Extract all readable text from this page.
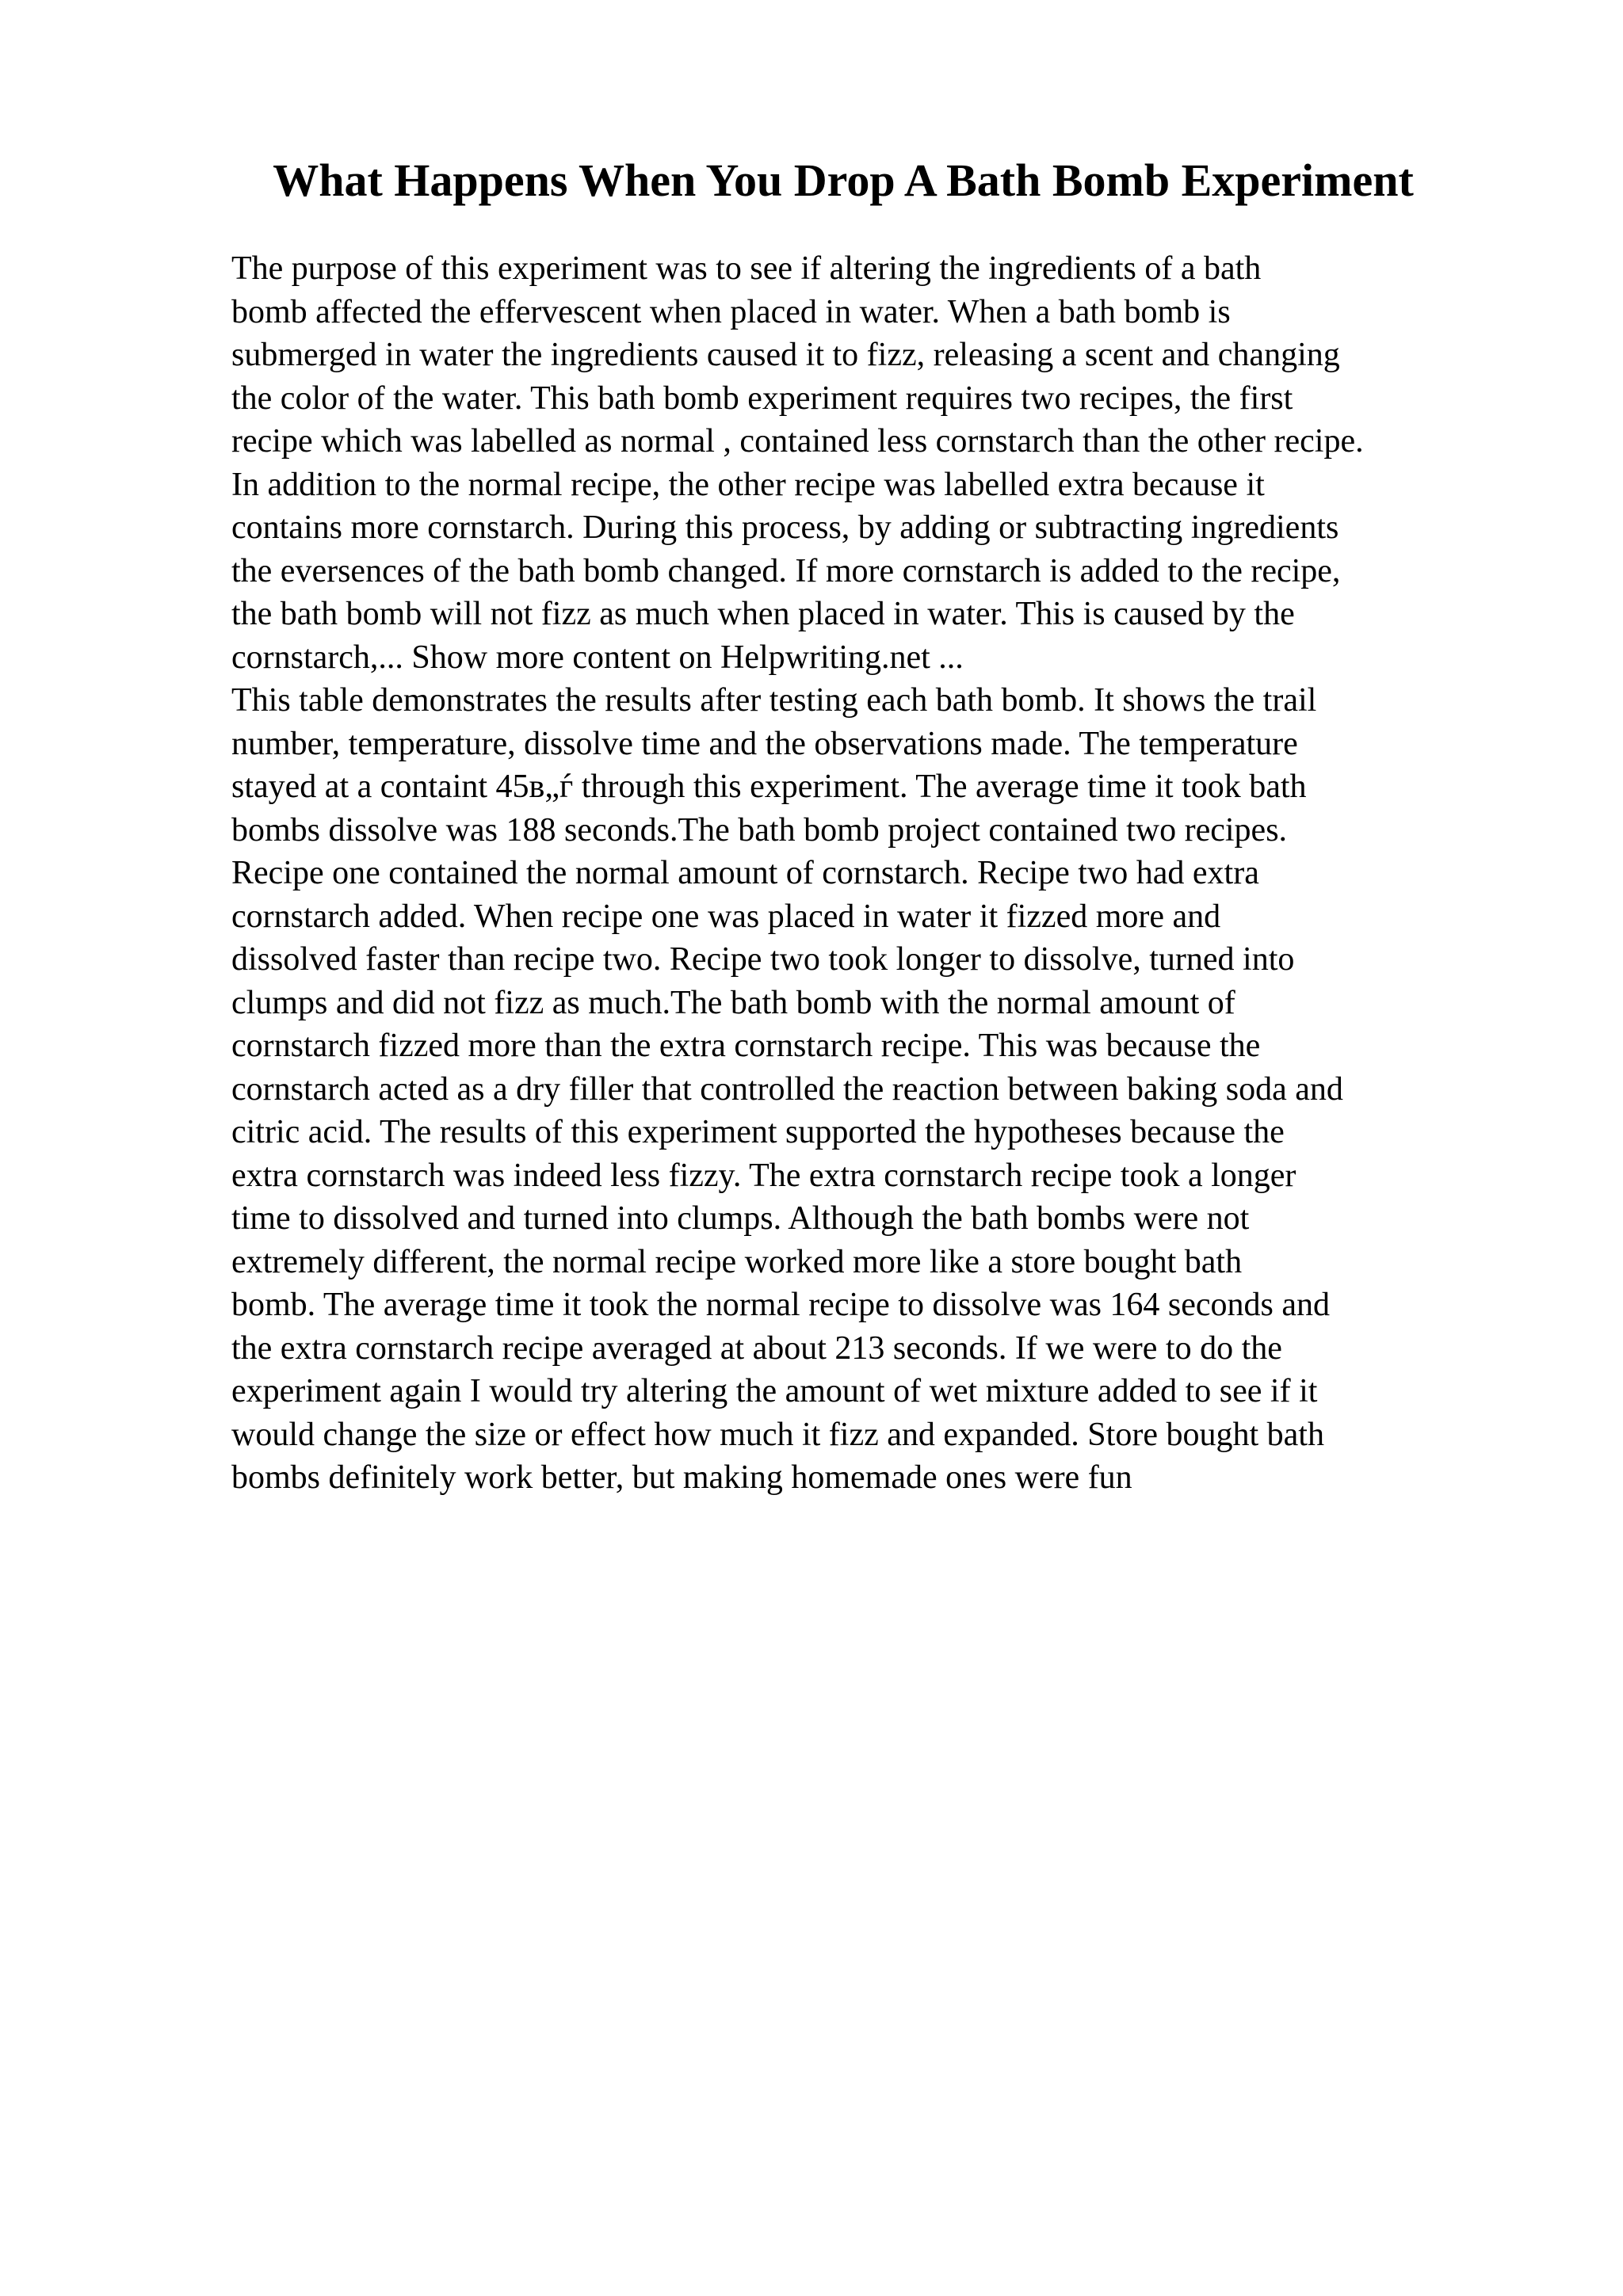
What Happens When You Drop A Bath Bomb Experiment

The purpose of this experiment was to see if altering the ingredients of a bath
bomb affected the effervescent when placed in water. When a bath bomb is
submerged in water the ingredients caused it to fizz, releasing a scent and changing
the color of the water. This bath bomb experiment requires two recipes, the first
recipe which was labelled as normal , contained less cornstarch than the other recipe.
In addition to the normal recipe, the other recipe was labelled extra because it
contains more cornstarch. During this process, by adding or subtracting ingredients
the eversences of the bath bomb changed. If more cornstarch is added to the recipe,
the bath bomb will not fizz as much when placed in water. This is caused by the
cornstarch,... Show more content on Helpwriting.net ...

This table demonstrates the results after testing each bath bomb. It shows the trail
number, temperature, dissolve time and the observations made. The temperature
stayed at a containt 45в„ѓ through this experiment. The average time it took bath
bombs dissolve was 188 seconds.The bath bomb project contained two recipes.
Recipe one contained the normal amount of cornstarch. Recipe two had extra
cornstarch added. When recipe one was placed in water it fizzed more and
dissolved faster than recipe two. Recipe two took longer to dissolve, turned into
clumps and did not fizz as much.The bath bomb with the normal amount of
cornstarch fizzed more than the extra cornstarch recipe. This was because the
cornstarch acted as a dry filler that controlled the reaction between baking soda and
citric acid. The results of this experiment supported the hypotheses because the
extra cornstarch was indeed less fizzy. The extra cornstarch recipe took a longer
time to dissolved and turned into clumps. Although the bath bombs were not
extremely different, the normal recipe worked more like a store bought bath
bomb. The average time it took the normal recipe to dissolve was 164 seconds and
the extra cornstarch recipe averaged at about 213 seconds. If we were to do the
experiment again I would try altering the amount of wet mixture added to see if it
would change the size or effect how much it fizz and expanded. Store bought bath
bombs definitely work better, but making homemade ones were fun
